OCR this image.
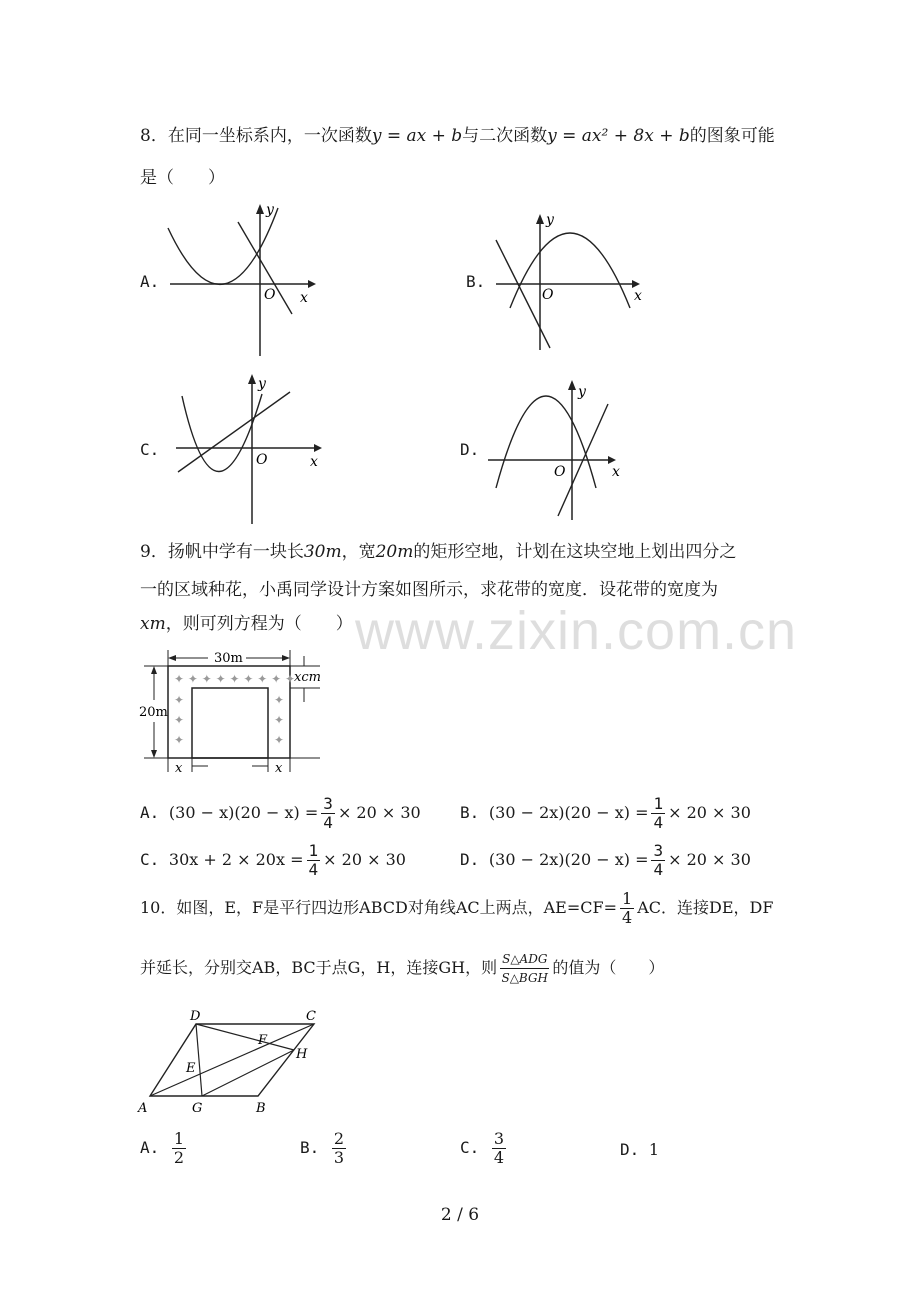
8．在同一坐标系内，一次函数y = ax + b与二次函数y = ax² + 8x + b的图象可能
是（　　）
A.
y
x
O
B.
y
x
O
C.
y
x
O
D.
y
x
O
9．扬帆中学有一块长30m，宽20m的矩形空地，计划在这块空地上划出四分之
一的区域种花，小禹同学设计方案如图所示，求花带的宽度．设花带的宽度为
xm，则可列方程为（　　） www.zixin.com.cn
30m
20m
xcm
x	x
✦ ✦ ✦ ✦ ✦ ✦ ✦ ✦ ✦
✦
✦
✦
✦
✦
✦
A. $(30 - x)(20 - x) = \frac{3}{4} \times 20 \times 30$ B. $(30 - 2x)(20 - x) = \frac{1}{4} \times 20 \times 30$
C. $30x + 2 \times 20x = \frac{1}{4} \times 20 \times 30$	D. $(30 - 2x)(20 - x) = \frac{3}{4} \times 20 \times 30$
10．如图，E，F是平行四边形ABCD对角线AC上两点，$AE=CF= \frac{1}{4}$ AC．连接DE，DF
并延长，分别交AB，BC于点G，H，连接GH，则 $\frac{\text{S△ADG}}{\text{S△BGH}}$ 的值为（　　）
A	G	B
D	C
E
F
H
A. $\frac{1}{2}$	B. $\frac{2}{3}$	C. $\frac{3}{4}$	D. 1
2 / 6
